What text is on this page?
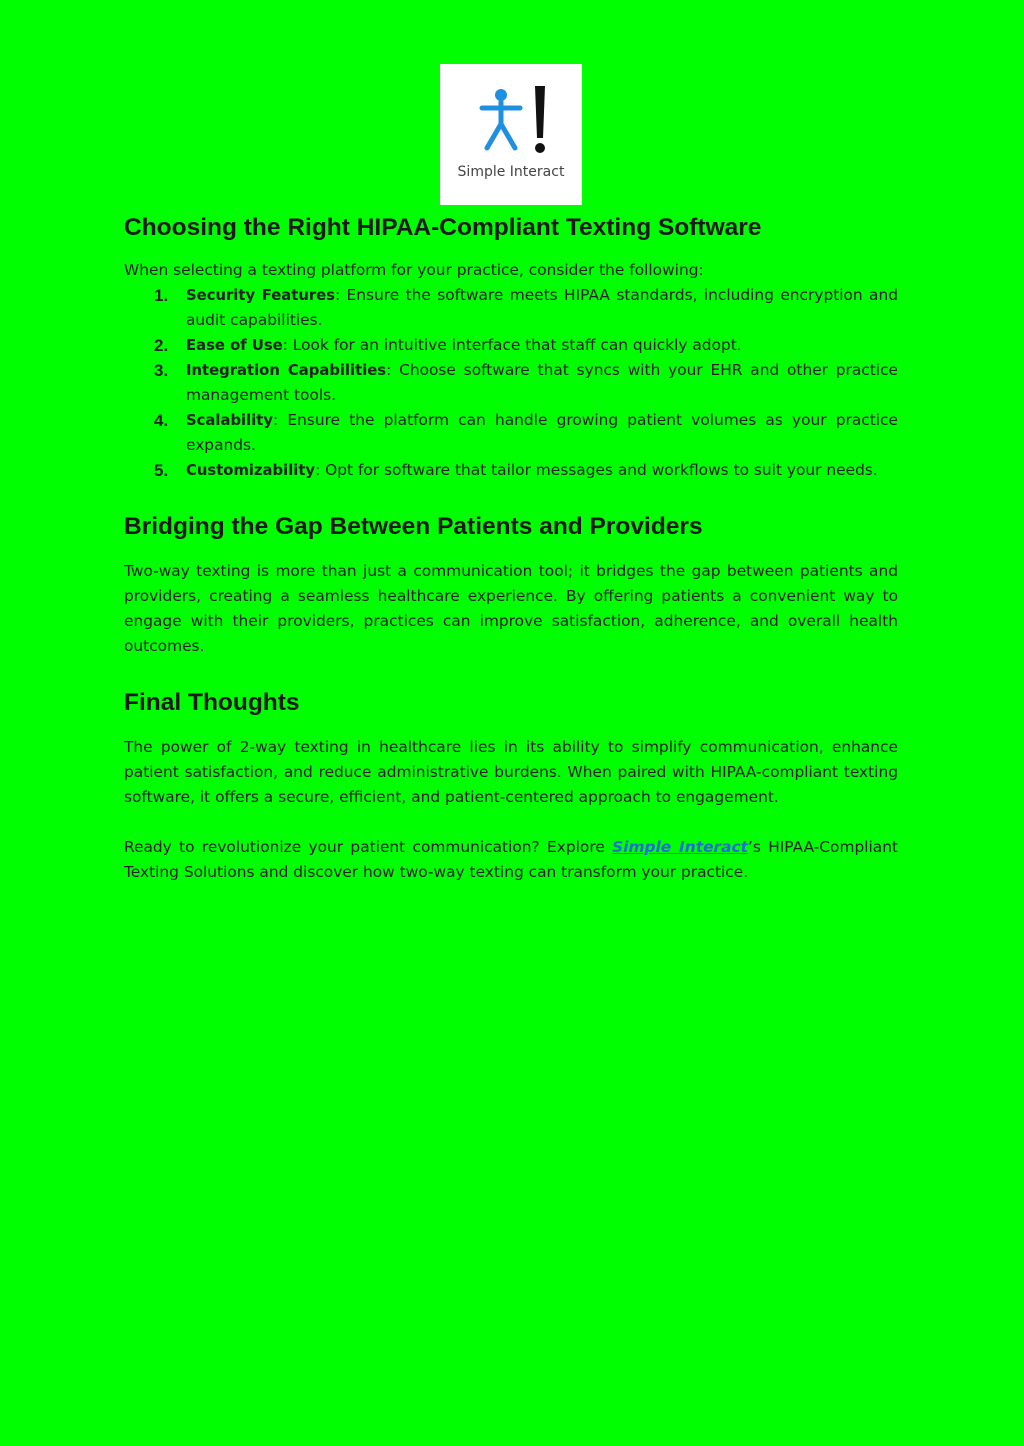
Simple Interact
Choosing the Right HIPAA-Compliant Texting Software

When selecting a texting platform for your practice, consider the following:

1. Security Features: Ensure the software meets HIPAA standards, including encryption and audit capabilities.
2. Ease of Use: Look for an intuitive interface that staff can quickly adopt.
3. Integration Capabilities: Choose software that syncs with your EHR and other practice management tools.
4. Scalability: Ensure the platform can handle growing patient volumes as your practice expands.
5. Customizability: Opt for software that tailor messages and workflows to suit your needs.
Bridging the Gap Between Patients and Providers

Two-way texting is more than just a communication tool; it bridges the gap between patients and providers, creating a seamless healthcare experience. By offering patients a convenient way to engage with their providers, practices can improve satisfaction, adherence, and overall health outcomes.

Final Thoughts

The power of 2-way texting in healthcare lies in its ability to simplify communication, enhance patient satisfaction, and reduce administrative burdens. When paired with HIPAA-compliant texting software, it offers a secure, efficient, and patient-centered approach to engagement.

Ready to revolutionize your patient communication? Explore Simple Interact’s HIPAA-Compliant Texting Solutions and discover how two-way texting can transform your practice.
